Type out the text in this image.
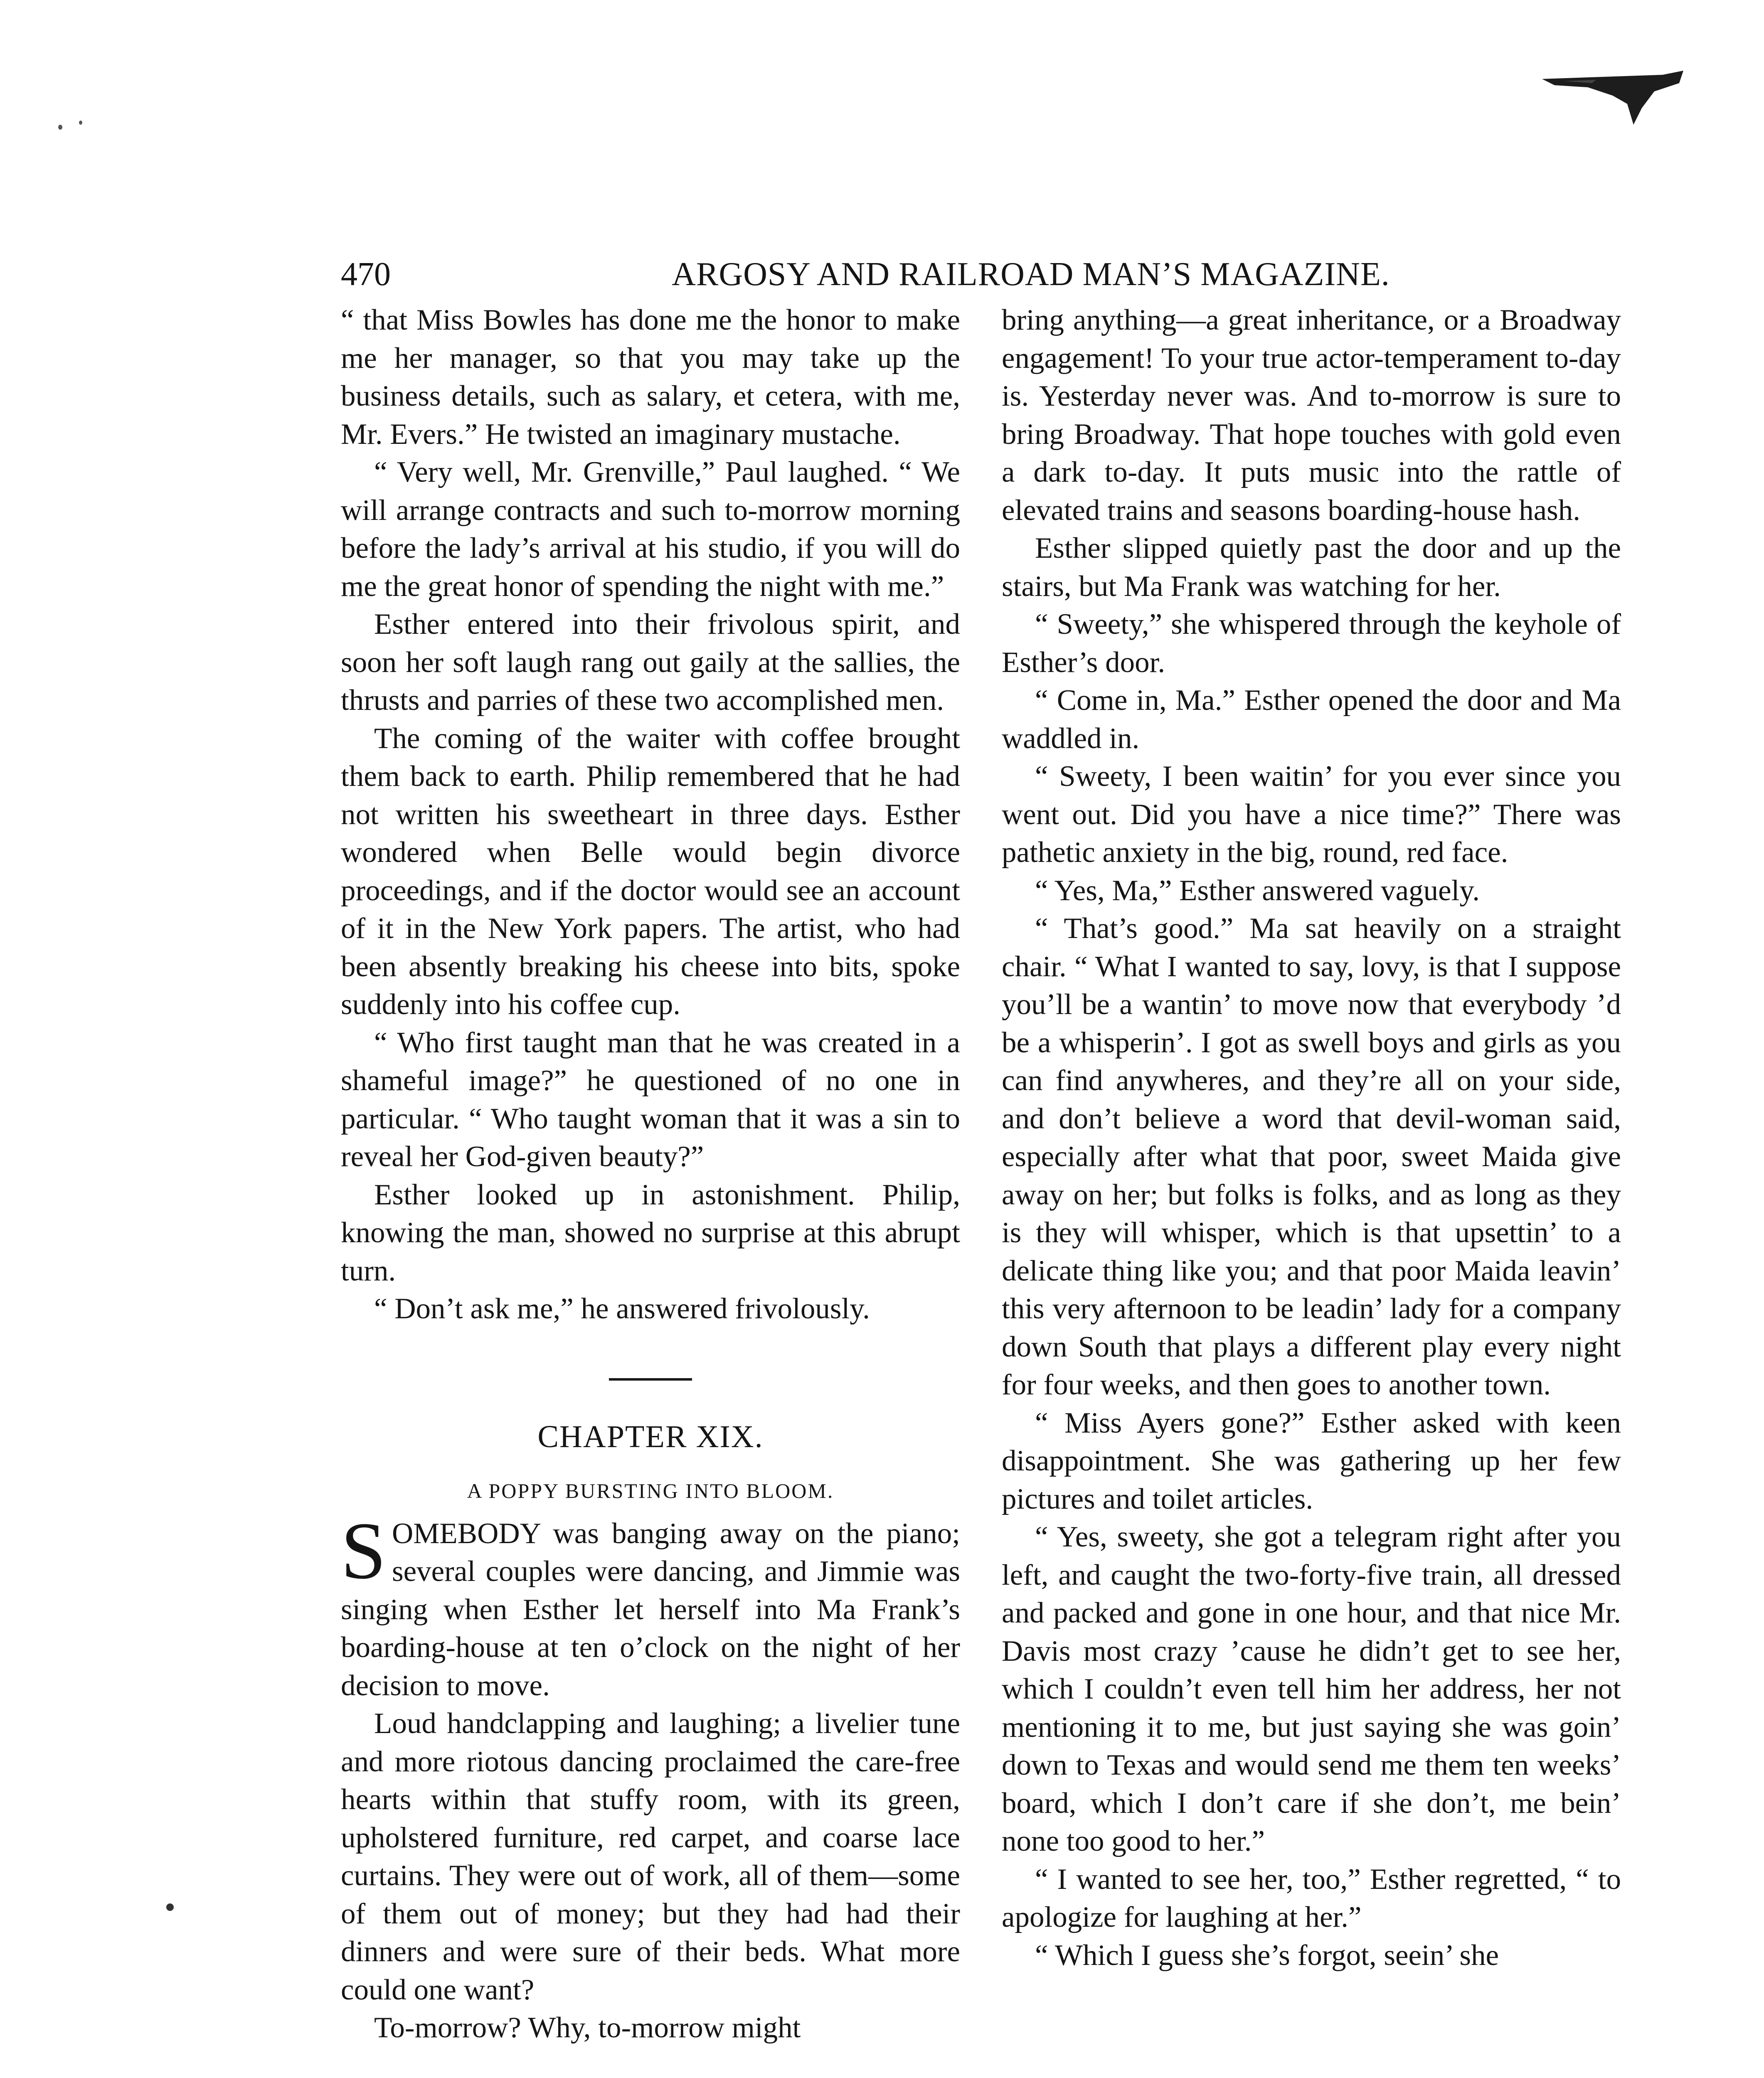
470	ARGOSY AND RAILROAD MAN’S MAGAZINE.

“ that Miss Bowles has done me the honor to make me her manager, so that you may take up the business details, such as salary, et cetera, with me, Mr. Evers.” He twisted an imaginary mustache.

“ Very well, Mr. Grenville,” Paul laughed. “ We will arrange contracts and such to-morrow morning before the lady’s arrival at his studio, if you will do me the great honor of spending the night with me.”

Esther entered into their frivolous spirit, and soon her soft laugh rang out gaily at the sallies, the thrusts and parries of these two accomplished men.

The coming of the waiter with coffee brought them back to earth. Philip remembered that he had not written his sweetheart in three days. Esther wondered when Belle would begin divorce proceedings, and if the doctor would see an account of it in the New York papers. The artist, who had been absently breaking his cheese into bits, spoke suddenly into his coffee cup.

“ Who first taught man that he was created in a shameful image?” he questioned of no one in particular. “ Who taught woman that it was a sin to reveal her God-given beauty?”

Esther looked up in astonishment. Philip, knowing the man, showed no surprise at this abrupt turn.

“ Don’t ask me,” he answered frivolously.

CHAPTER XIX.
A POPPY BURSTING INTO BLOOM.

SOMEBODY was banging away on the piano; several couples were dancing, and Jimmie was singing when Esther let herself into Ma Frank’s boarding-house at ten o’clock on the night of her decision to move.

Loud handclapping and laughing; a livelier tune and more riotous dancing proclaimed the care-free hearts within that stuffy room, with its green, upholstered furniture, red carpet, and coarse lace curtains. They were out of work, all of them—some of them out of money; but they had had their dinners and were sure of their beds. What more could one want?

To-morrow? Why, to-morrow might

bring anything—a great inheritance, or a Broadway engagement! To your true actor-temperament to-day is. Yesterday never was. And to-morrow is sure to bring Broadway. That hope touches with gold even a dark to-day. It puts music into the rattle of elevated trains and seasons boarding-house hash.

Esther slipped quietly past the door and up the stairs, but Ma Frank was watching for her.

“ Sweety,” she whispered through the keyhole of Esther’s door.

“ Come in, Ma.” Esther opened the door and Ma waddled in.

“ Sweety, I been waitin’ for you ever since you went out. Did you have a nice time?” There was pathetic anxiety in the big, round, red face.

“ Yes, Ma,” Esther answered vaguely.

“ That’s good.” Ma sat heavily on a straight chair. “ What I wanted to say, lovy, is that I suppose you’ll be a wantin’ to move now that everybody ’d be a whisperin’. I got as swell boys and girls as you can find anywheres, and they’re all on your side, and don’t believe a word that devil-woman said, especially after what that poor, sweet Maida give away on her; but folks is folks, and as long as they is they will whisper, which is that upsettin’ to a delicate thing like you; and that poor Maida leavin’ this very afternoon to be leadin’ lady for a company down South that plays a different play every night for four weeks, and then goes to another town.

“ Miss Ayers gone?” Esther asked with keen disappointment. She was gathering up her few pictures and toilet articles.

“ Yes, sweety, she got a telegram right after you left, and caught the two-forty-five train, all dressed and packed and gone in one hour, and that nice Mr. Davis most crazy ’cause he didn’t get to see her, which I couldn’t even tell him her address, her not mentioning it to me, but just saying she was goin’ down to Texas and would send me them ten weeks’ board, which I don’t care if she don’t, me bein’ none too good to her.”

“ I wanted to see her, too,” Esther regretted, “ to apologize for laughing at her.”

“ Which I guess she’s forgot, seein’ she
